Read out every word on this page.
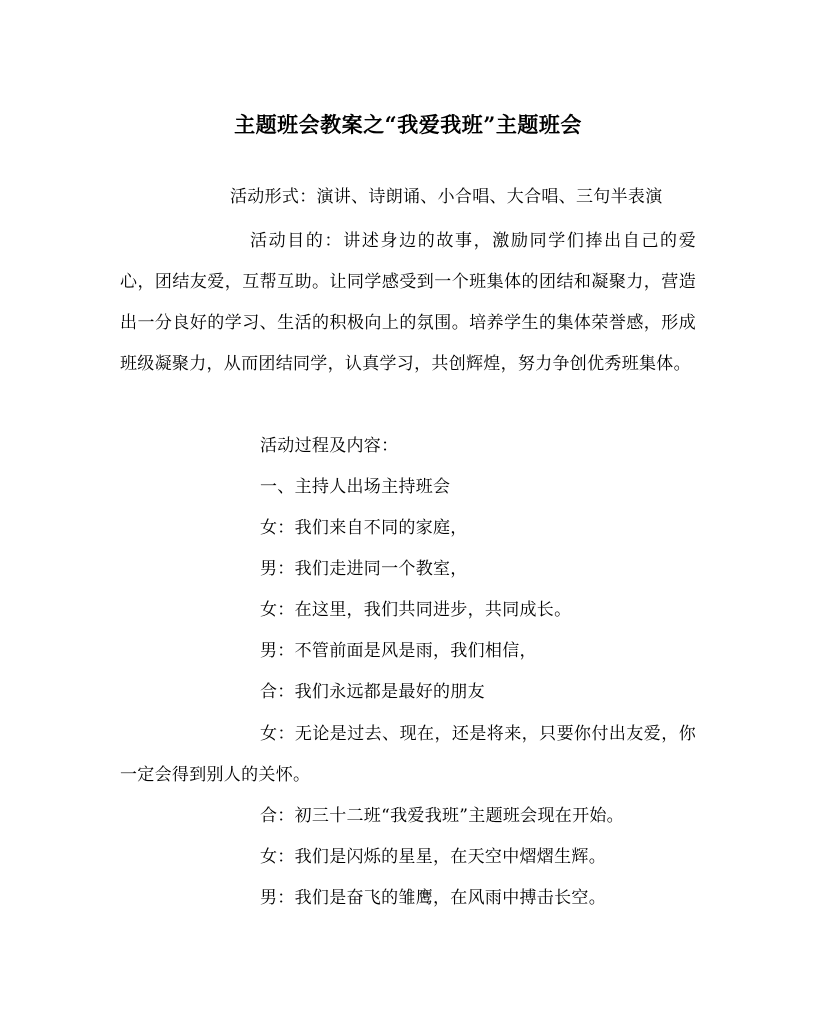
主题班会教案之“我爱我班”主题班会
活动形式：演讲、诗朗诵、小合唱、大合唱、三句半表演
活动目的：讲述身边的故事，激励同学们捧出自己的爱心，团结友爱，互帮互助。让同学感受到一个班集体的团结和凝聚力，营造出一分良好的学习、生活的积极向上的氛围。培养学生的集体荣誉感，形成班级凝聚力，从而团结同学，认真学习，共创辉煌，努力争创优秀班集体。
活动过程及内容：
一、主持人出场主持班会
女：我们来自不同的家庭，
男：我们走进同一个教室，
女：在这里，我们共同进步，共同成长。
男：不管前面是风是雨，我们相信，
合：我们永远都是最好的朋友
女：无论是过去、现在，还是将来，只要你付出友爱，你一定会得到别人的关怀。
合：初三十二班“我爱我班”主题班会现在开始。
女：我们是闪烁的星星，在天空中熠熠生辉。
男：我们是奋飞的雏鹰，在风雨中搏击长空。
